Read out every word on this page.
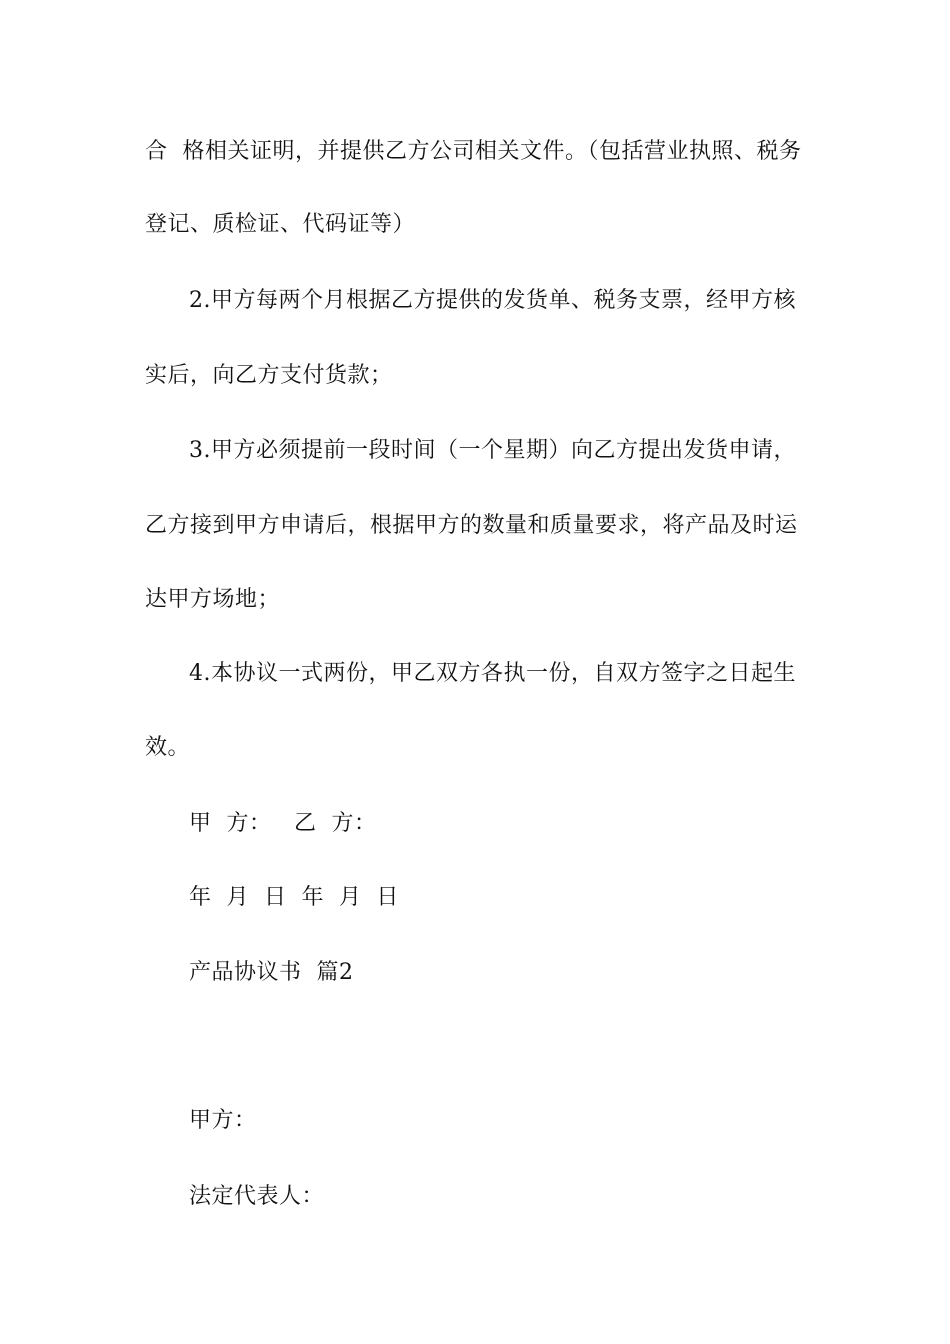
合  格相关证明，并提供乙方公司相关文件。（包括营业执照、税务
登记、质检证、代码证等）
2.甲方每两个月根据乙方提供的发货单、税务支票，经甲方核
实后，向乙方支付货款；
3.甲方必须提前一段时间（一个星期）向乙方提出发货申请，
乙方接到甲方申请后，根据甲方的数量和质量要求，将产品及时运
达甲方场地；
4.本协议一式两份，甲乙双方各执一份，自双方签字之日起生
效。
甲  方：   乙  方：
年  月  日  年  月  日
产品协议书  篇2
甲方：
法定代表人：
